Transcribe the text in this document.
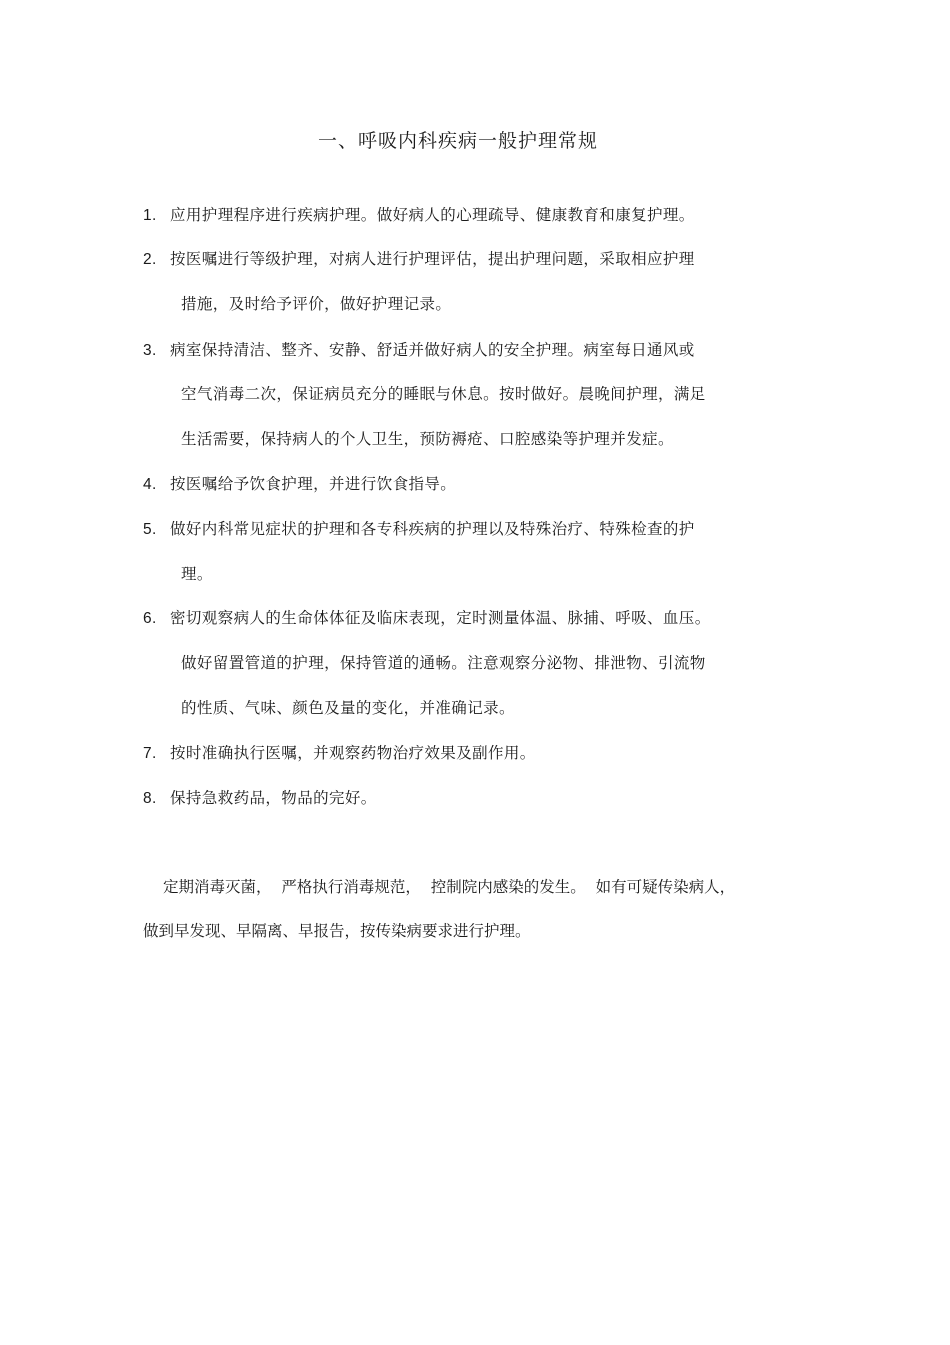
一、呼吸内科疾病一般护理常规
1. 应用护理程序进行疾病护理。做好病人的心理疏导、健康教育和康复护理。
2. 按医嘱进行等级护理，对病人进行护理评估，提出护理问题，采取相应护理
措施，及时给予评价，做好护理记录。
3. 病室保持清洁、整齐、安静、舒适并做好病人的安全护理。病室每日通风或
空气消毒二次，保证病员充分的睡眠与休息。按时做好。晨晚间护理，满足
生活需要，保持病人的个人卫生，预防褥疮、口腔感染等护理并发症。
4. 按医嘱给予饮食护理，并进行饮食指导。
5. 做好内科常见症状的护理和各专科疾病的护理以及特殊治疗、特殊检查的护
理。
6. 密切观察病人的生命体体征及临床表现，定时测量体温、脉捕、呼吸、血压。
做好留置管道的护理，保持管道的通畅。注意观察分泌物、排泄物、引流物
的性质、气味、颜色及量的变化，并准确记录。
7. 按时准确执行医嘱，并观察药物治疗效果及副作用。
8. 保持急救药品，物品的完好。
定期消毒灭菌，  严格执行消毒规范，  控制院内感染的发生。  如有可疑传染病人，
做到早发现、早隔离、早报告，按传染病要求进行护理。
